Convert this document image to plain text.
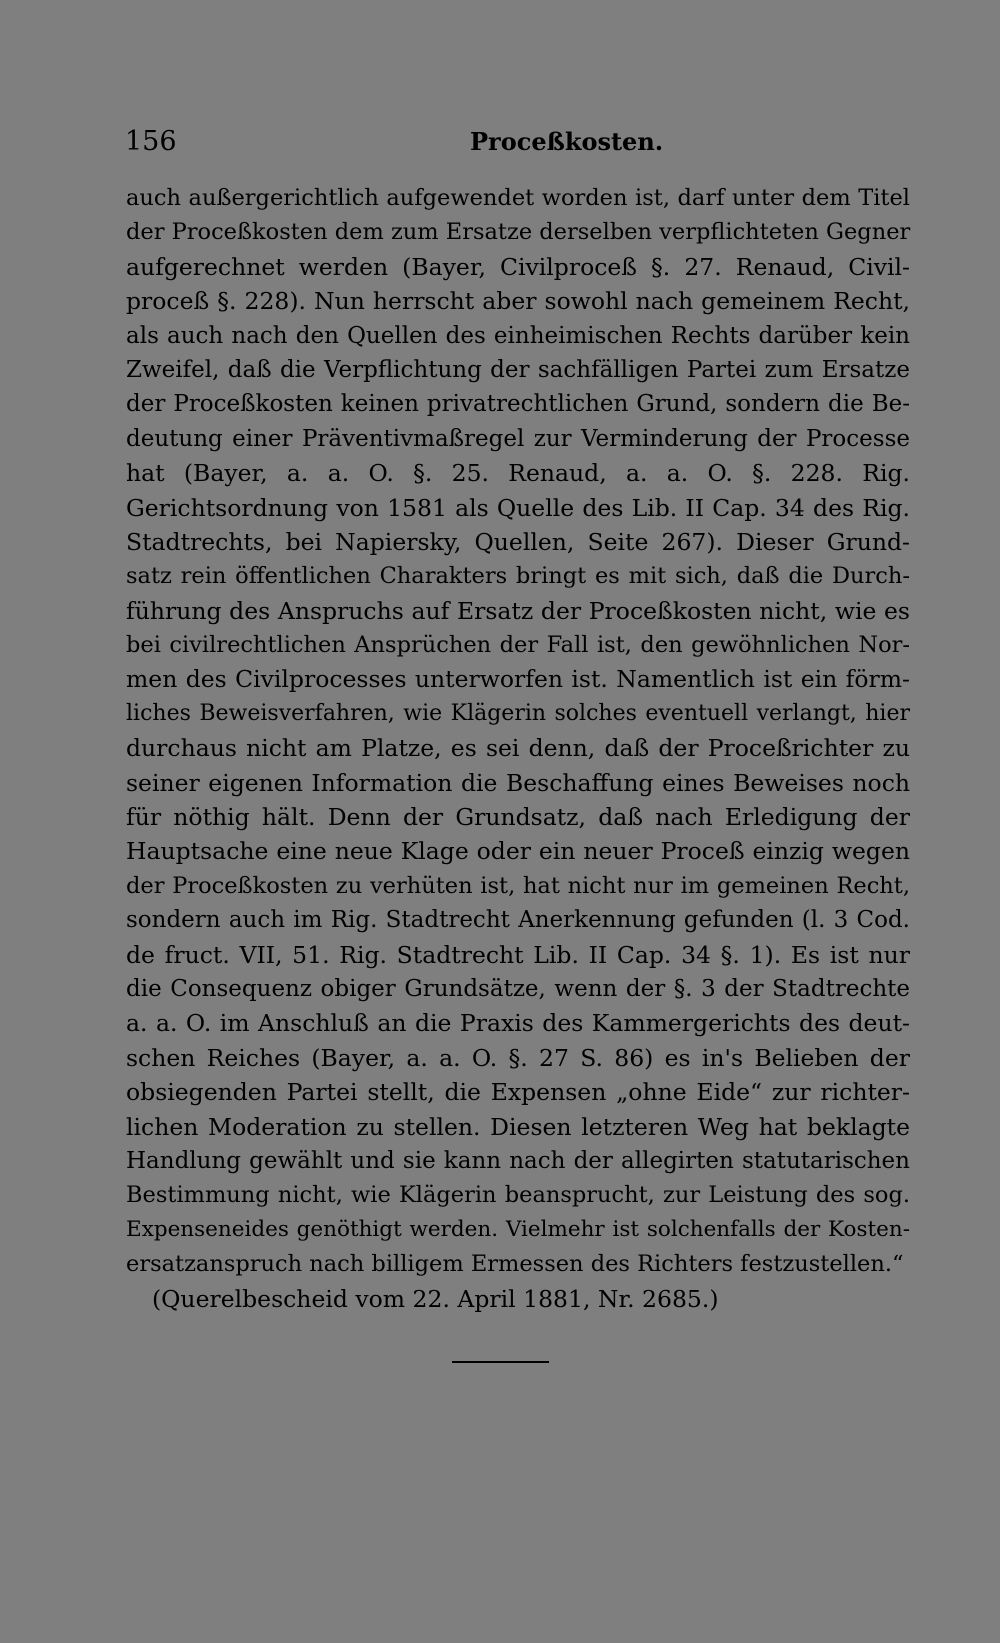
156	Proceßkosten.
auch außergerichtlich aufgewendet worden ist, darf unter dem Titel
der Proceßkosten dem zum Ersatze derselben verpflichteten Gegner
aufgerechnet werden (Bayer, Civilproceß §. 27. Renaud, Civil-
proceß §. 228). Nun herrscht aber sowohl nach gemeinem Recht,
als auch nach den Quellen des einheimischen Rechts darüber kein
Zweifel, daß die Verpflichtung der sachfälligen Partei zum Ersatze
der Proceßkosten keinen privatrechtlichen Grund, sondern die Be-
deutung einer Präventivmaßregel zur Verminderung der Processe
hat (Bayer, a. a. O. §. 25. Renaud, a. a. O. §. 228. Rig.
Gerichtsordnung von 1581 als Quelle des Lib. II Cap. 34 des Rig.
Stadtrechts, bei Napiersky, Quellen, Seite 267). Dieser Grund-
satz rein öffentlichen Charakters bringt es mit sich, daß die Durch-
führung des Anspruchs auf Ersatz der Proceßkosten nicht, wie es
bei civilrechtlichen Ansprüchen der Fall ist, den gewöhnlichen Nor-
men des Civilprocesses unterworfen ist. Namentlich ist ein förm-
liches Beweisverfahren, wie Klägerin solches eventuell verlangt, hier
durchaus nicht am Platze, es sei denn, daß der Proceßrichter zu
seiner eigenen Information die Beschaffung eines Beweises noch
für nöthig hält. Denn der Grundsatz, daß nach Erledigung der
Hauptsache eine neue Klage oder ein neuer Proceß einzig wegen
der Proceßkosten zu verhüten ist, hat nicht nur im gemeinen Recht,
sondern auch im Rig. Stadtrecht Anerkennung gefunden (l. 3 Cod.
de fruct. VII, 51. Rig. Stadtrecht Lib. II Cap. 34 §. 1). Es ist nur
die Consequenz obiger Grundsätze, wenn der §. 3 der Stadtrechte
a. a. O. im Anschluß an die Praxis des Kammergerichts des deut-
schen Reiches (Bayer, a. a. O. §. 27 S. 86) es in's Belieben der
obsiegenden Partei stellt, die Expensen „ohne Eide“ zur richter-
lichen Moderation zu stellen. Diesen letzteren Weg hat beklagte
Handlung gewählt und sie kann nach der allegirten statutarischen
Bestimmung nicht, wie Klägerin beansprucht, zur Leistung des sog.
Expenseneides genöthigt werden. Vielmehr ist solchenfalls der Kosten-
ersatzanspruch nach billigem Ermessen des Richters festzustellen.“
(Querelbescheid vom 22. April 1881, Nr. 2685.)
